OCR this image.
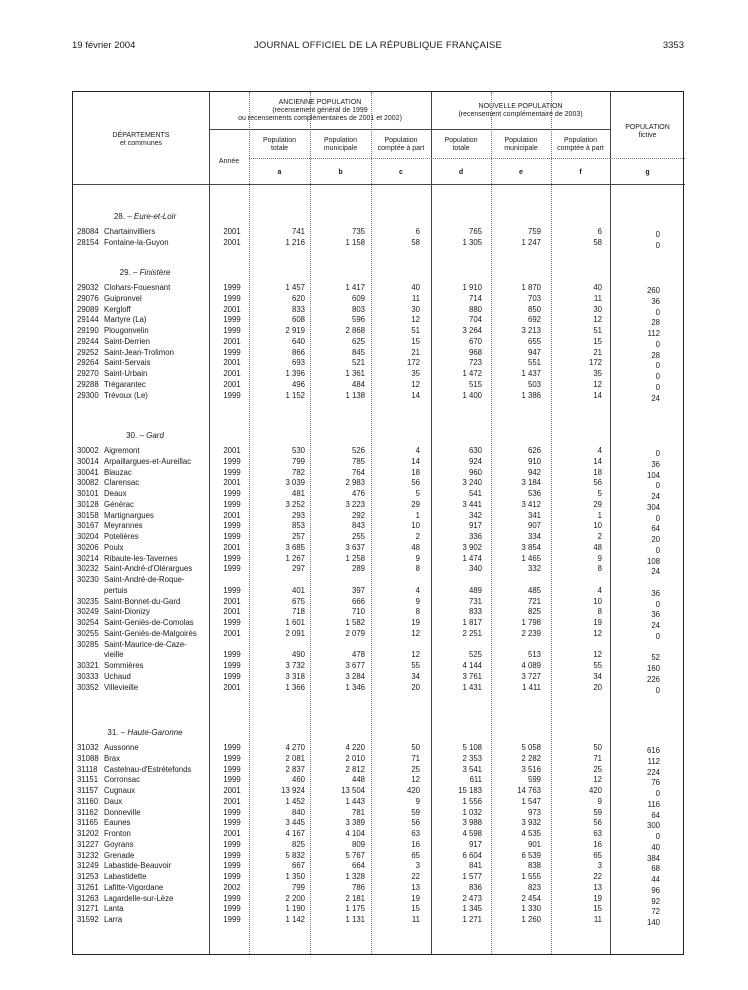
19 février 2004	JOURNAL OFFICIEL DE LA RÉPUBLIQUE FRANÇAISE	3353
DÉPARTEMENTS
et communes
Année
ANCIENNE POPULATION
(recensement général de 1999
ou recensements complémentaires de 2001 et 2002)
NOUVELLE POPULATION
(recensement complémentaire de 2003)
POPULATION
fictive
Population
totale
Population
municipale
Population
comptée à part
Population
totale
Population
municipale
Population
comptée à part
a	b	c	d	e	f	g
28. – Eure-et-Loir
28084 Chartainvilliers	2001	741	735	6	765	759	6	0
28154 Fontaine-la-Guyon	2001	1 216	1 158	58	1 305	1 247	58	0
29. – Finistère
29032 Clohars-Fouesnant	1999	1 457	1 417	40	1 910	1 870	40	260
29076 Guipronvel	1999	620	609	11	714	703	11	36
29089 Kergloff	2001	833	803	30	880	850	30	0
29144 Martyre (La)	1999	608	596	12	704	692	12	28
29190 Plougonvelin	1999	2 919	2 868	51	3 264	3 213	51	112
29244 Saint-Derrien	2001	640	625	15	670	655	15	0
29252 Saint-Jean-Trolimon	1999	866	845	21	968	947	21	28
29264 Saint-Servais	2001	693	521	172	723	551	172	0
29270 Saint-Urbain	2001	1 396	1 361	35	1 472	1 437	35	0
29288 Trégarantec	2001	496	484	12	515	503	12	0
29300 Trévoux (Le)	1999	1 152	1 138	14	1 400	1 386	14	24
30. – Gard
30002 Aigremont	2001	530	526	4	630	626	4	0
30014 Arpaillargues-et-Aureillac	1999	799	785	14	924	910	14	36
30041 Blauzac	1999	782	764	18	960	942	18	104
30082 Clarensac	2001	3 039	2 983	56	3 240	3 184	56	0
30101 Deaux	1999	481	476	5	541	536	5	24
30128 Générac	1999	3 252	3 223	29	3 441	3 412	29	304
30158 Martignargues	2001	293	292	1	342	341	1	0
30167 Meyrannes	1999	853	843	10	917	907	10	64
30204 Potelières	1999	257	255	2	336	334	2	20
30206 Poulx	2001	3 685	3 637	48	3 902	3 854	48	0
30214 Ribaute-les-Tavernes	1999	1 267	1 258	9	1 474	1 465	9	108
30232 Saint-André-d'Olérargues	1999	297	289	8	340	332	8	24
30230 Saint-André-de-Roque-
pertuis	1999	401	397	4	489	485	4	36
30235 Saint-Bonnet-du-Gard	2001	675	666	9	731	721	10	0
30249 Saint-Dionizy	2001	718	710	8	833	825	8	36
30254 Saint-Geniès-de-Comolas	1999	1 601	1 582	19	1 817	1 798	19	24
30255 Saint-Geniès-de-Malgoirès	2001	2 091	2 079	12	2 251	2 239	12	0
30285 Saint-Maurice-de-Caze-
vieille	1999	490	478	12	525	513	12	52
30321 Sommières	1999	3 732	3 677	55	4 144	4 089	55	160
30333 Uchaud	1999	3 318	3 284	34	3 761	3 727	34	226
30352 Villevieille	2001	1 366	1 346	20	1 431	1 411	20	0
31. – Haute-Garonne
31032 Aussonne	1999	4 270	4 220	50	5 108	5 058	50	616
31088 Brax	1999	2 081	2 010	71	2 353	2 282	71	112
31118 Castelnau-d'Estrétefonds	1999	2 837	2 812	25	3 541	3 516	25	224
31151 Corronsac	1999	460	448	12	611	599	12	76
31157 Cugnaux	2001	13 924	13 504	420	15 183	14 763	420	0
31160 Daux	2001	1 452	1 443	9	1 556	1 547	9	116
31162 Donneville	1999	840	781	59	1 032	973	59	64
31165 Eaunes	1999	3 445	3 389	56	3 988	3 932	56	300
31202 Fronton	2001	4 167	4 104	63	4 598	4 535	63	0
31227 Goyrans	1999	825	809	16	917	901	16	40
31232 Grenade	1999	5 832	5 767	65	6 604	6 539	65	384
31249 Labastide-Beauvoir	1999	667	664	3	841	838	3	68
31253 Labastidette	1999	1 350	1 328	22	1 577	1 555	22	44
31261 Lafitte-Vigordane	2002	799	786	13	836	823	13	96
31263 Lagardelle-sur-Lèze	1999	2 200	2 181	19	2 473	2 454	19	92
31271 Lanta	1999	1 190	1 175	15	1 345	1 330	15	72
31592 Larra	1999	1 142	1 131	11	1 271	1 260	11	140
